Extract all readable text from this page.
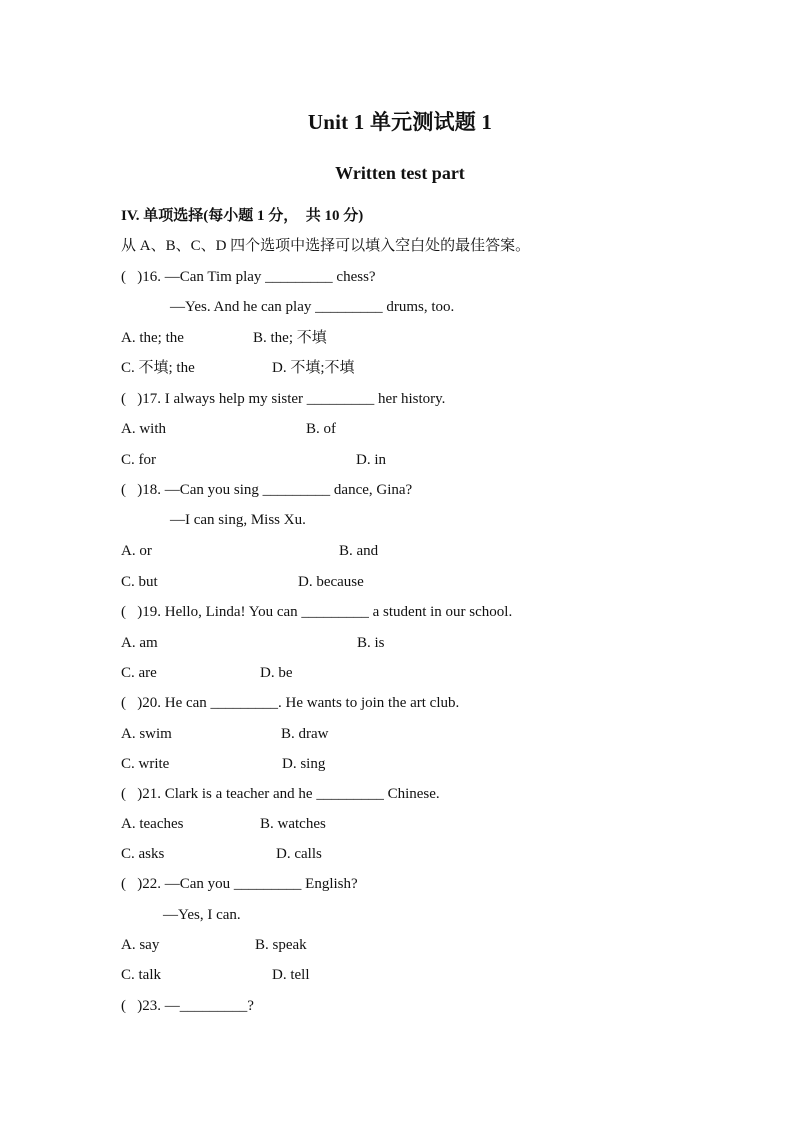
Unit 1 单元测试题 1
Written test part
IV. 单项选择(每小题 1 分，  共 10 分)
从 A、B、C、D 四个选项中选择可以填入空白处的最佳答案。
(   )16. —Can Tim play _________ chess?
—Yes. And he can play _________ drums, too.
A. the; the	B. the; 不填
C. 不填; the	D. 不填;不填
(   )17. I always help my sister _________ her history.
A. with	B. of
C. for	D. in
(   )18. —Can you sing _________ dance, Gina?
—I can sing, Miss Xu.
A. or	B. and
C. but	D. because
(   )19. Hello, Linda! You can _________ a student in our school.
A. am	B. is
C. are	D. be
(   )20. He can _________. He wants to join the art club.
A. swim	B. draw
C. write	D. sing
(   )21. Clark is a teacher and he _________ Chinese.
A. teaches	B. watches
C. asks	D. calls
(   )22. —Can you _________ English?
—Yes, I can.
A. say	B. speak
C. talk	D. tell
(   )23. —_________?
